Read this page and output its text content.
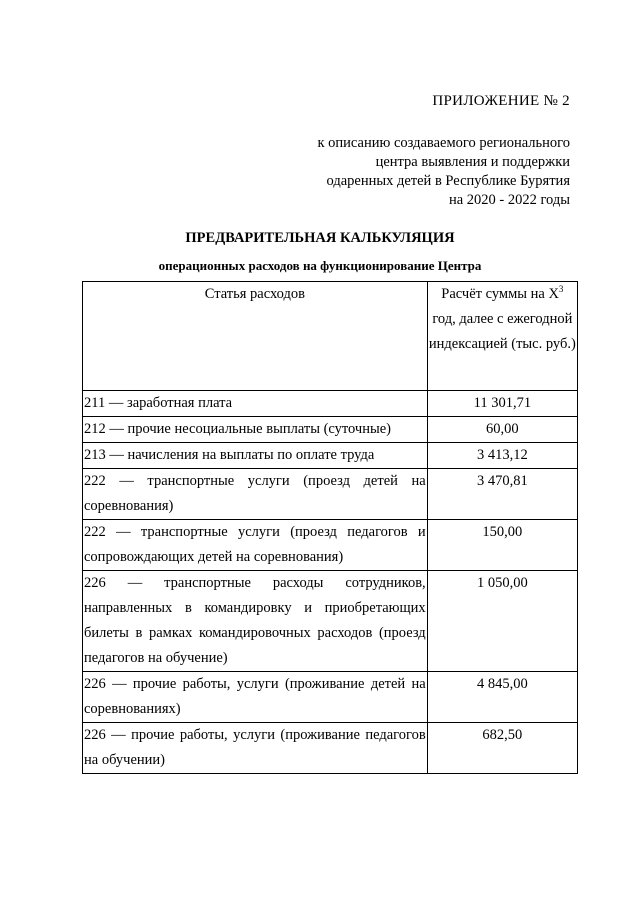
ПРИЛОЖЕНИЕ № 2
к описанию создаваемого регионального
центра выявления и поддержки
одаренных детей в Республике Бурятия
на 2020 - 2022 годы
ПРЕДВАРИТЕЛЬНАЯ КАЛЬКУЛЯЦИЯ
операционных расходов на функционирование Центра
Статья расходов	Расчёт суммы на $Х^3$ год, далее с ежегодной индексацией (тыс. руб.)
211 — заработная плата	11 301,71
212 — прочие несоциальные выплаты (суточные)	60,00
213 — начисления на выплаты по оплате труда	3 413,12
222 — транспортные услуги (проезд детей на соревнования)	3 470,81
222 — транспортные услуги (проезд педагогов и сопровождающих детей на соревнования)	150,00
226 — транспортные расходы сотрудников, направленных в командировку и приобретающих билеты в рамках командировочных расходов (проезд педагогов на обучение)	1 050,00
226 — прочие работы, услуги (проживание детей на соревнованиях)	4 845,00
226 — прочие работы, услуги (проживание педагогов на обучении)	682,50
